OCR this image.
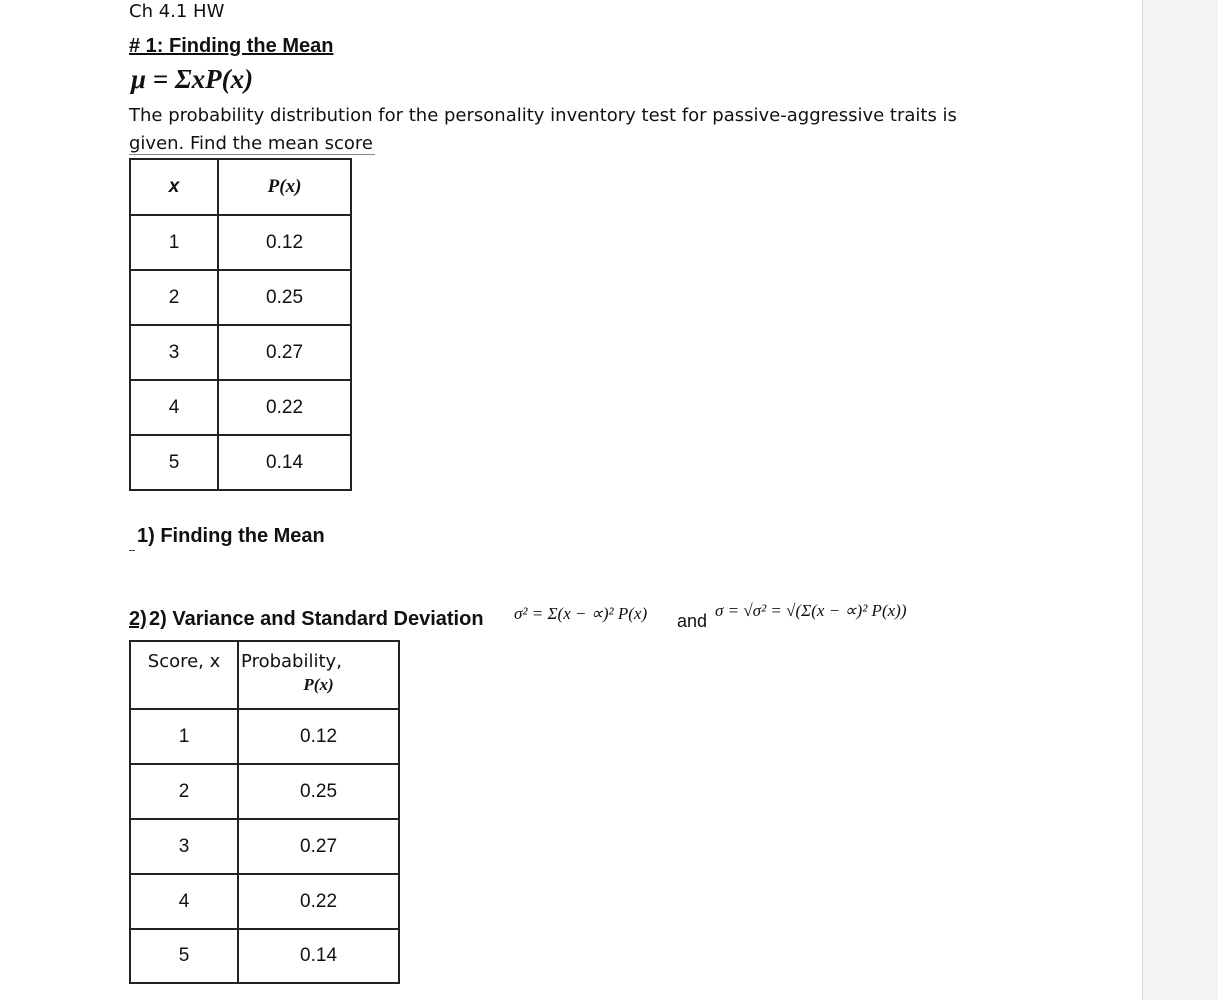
Ch 4.1 HW
# 1: Finding the Mean
μ = ΣxP(x)
The probability distribution for the personality inventory test for passive-aggressive traits is
given. Find the mean score
x	P(x)
1	0.12
2	0.25
3	0.27
4	0.22
5	0.14
1) Finding the Mean
2) 2) Variance and Standard Deviation σ² = Σ(x − ∝)² P(x) and
σ = √σ² = √(Σ(x − ∝)² P(x))
Score, x	Probability,
P(x)

1	0.12
2	0.25
3	0.27
4	0.22
5	0.14
